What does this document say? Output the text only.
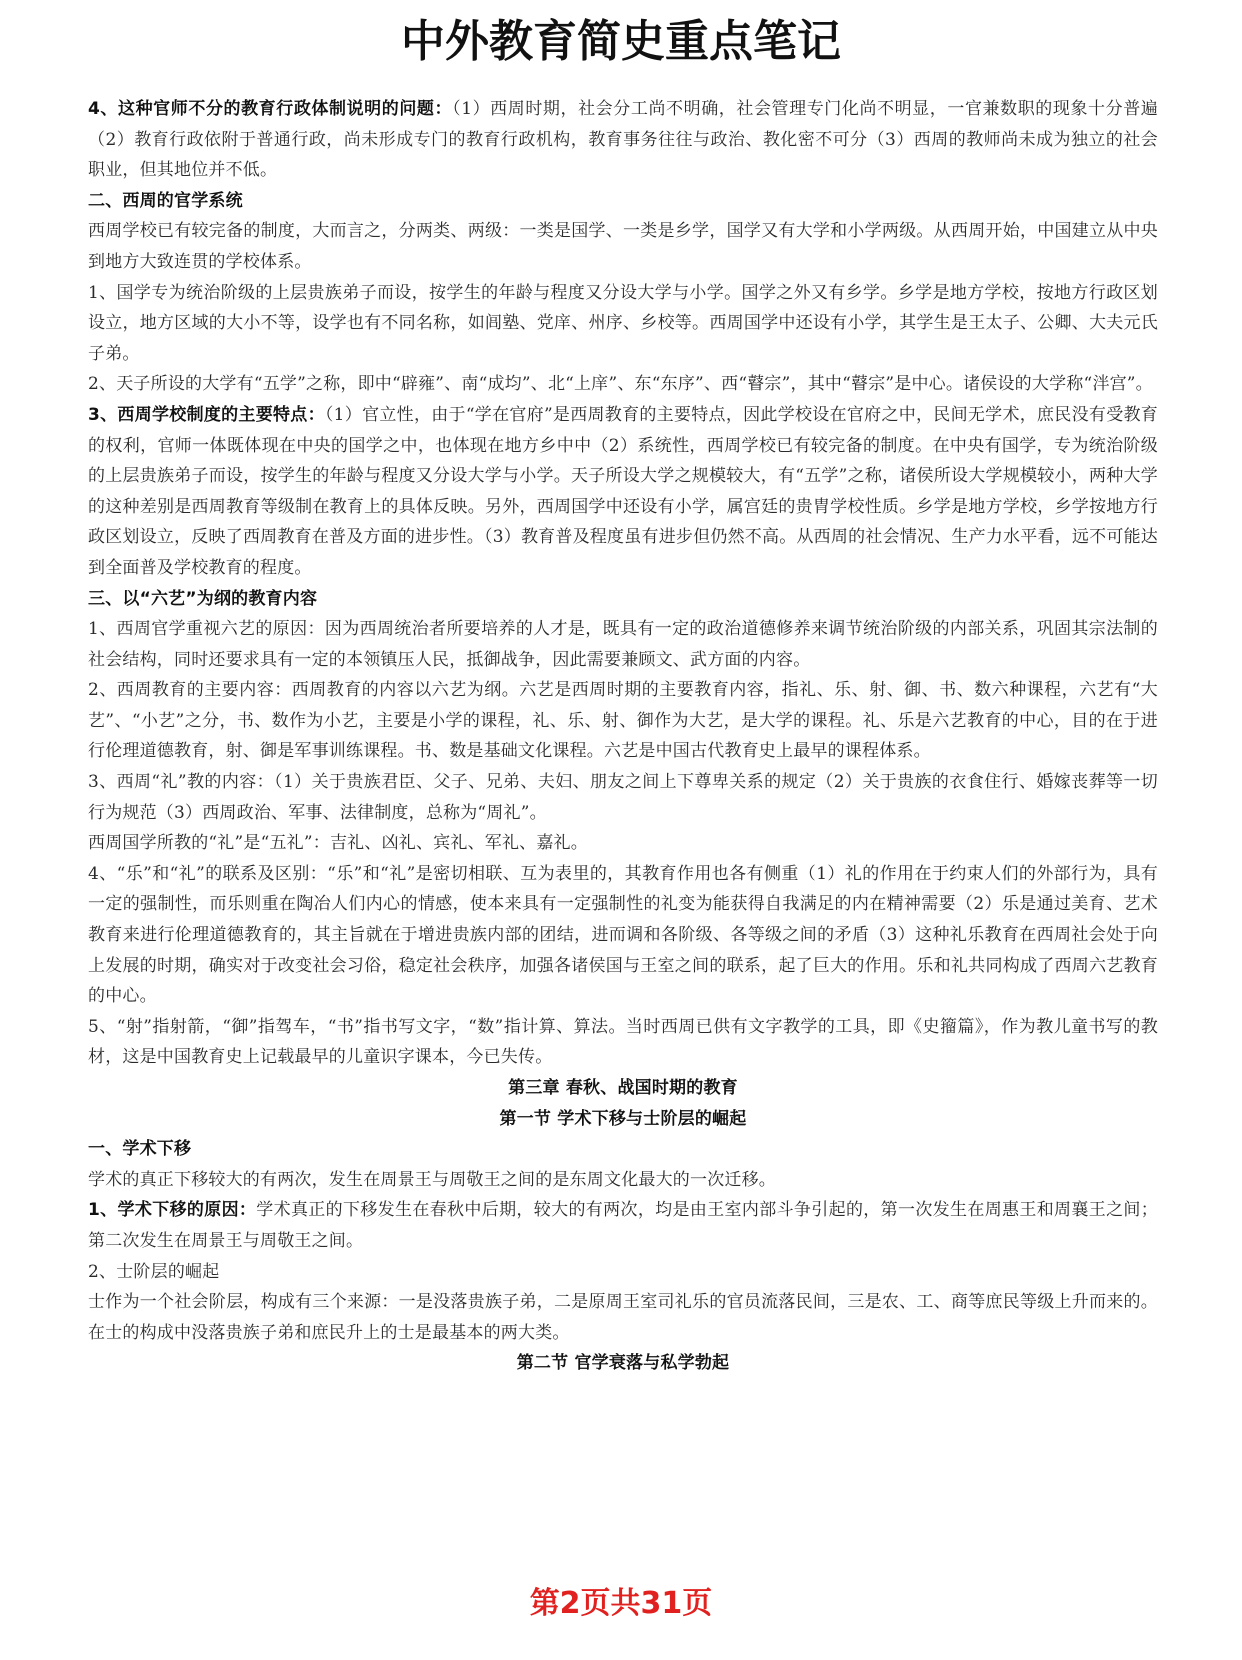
中外教育简史重点笔记

4、这种官师不分的教育行政体制说明的问题：（1）西周时期，社会分工尚不明确，社会管理专门化尚不明显，一官兼数职的现象十分普遍（2）教育行政依附于普通行政，尚未形成专门的教育行政机构，教育事务往往与政治、教化密不可分（3）西周的教师尚未成为独立的社会职业，但其地位并不低。

二、西周的官学系统

西周学校已有较完备的制度，大而言之，分两类、两级：一类是国学、一类是乡学，国学又有大学和小学两级。从西周开始，中国建立从中央到地方大致连贯的学校体系。

1、国学专为统治阶级的上层贵族弟子而设，按学生的年龄与程度又分设大学与小学。国学之外又有乡学。乡学是地方学校，按地方行政区划设立，地方区域的大小不等，设学也有不同名称，如闾塾、党庠、州序、乡校等。西周国学中还设有小学，其学生是王太子、公卿、大夫元氏子弟。

2、天子所设的大学有“五学”之称，即中“辟雍”、南“成均”、北“上庠”、东“东序”、西“瞽宗”，其中“瞽宗”是中心。诸侯设的大学称“泮宫”。

3、西周学校制度的主要特点：（1）官立性，由于“学在官府”是西周教育的主要特点，因此学校设在官府之中，民间无学术，庶民没有受教育的权利，官师一体既体现在中央的国学之中，也体现在地方乡中中（2）系统性，西周学校已有较完备的制度。在中央有国学，专为统治阶级的上层贵族弟子而设，按学生的年龄与程度又分设大学与小学。天子所设大学之规模较大，有“五学”之称，诸侯所设大学规模较小，两种大学的这种差别是西周教育等级制在教育上的具体反映。另外，西周国学中还设有小学，属宫廷的贵胄学校性质。乡学是地方学校，乡学按地方行政区划设立，反映了西周教育在普及方面的进步性。（3）教育普及程度虽有进步但仍然不高。从西周的社会情况、生产力水平看，远不可能达到全面普及学校教育的程度。

三、以“六艺”为纲的教育内容

1、西周官学重视六艺的原因：因为西周统治者所要培养的人才是，既具有一定的政治道德修养来调节统治阶级的内部关系，巩固其宗法制的社会结构，同时还要求具有一定的本领镇压人民，抵御战争，因此需要兼顾文、武方面的内容。

2、西周教育的主要内容：西周教育的内容以六艺为纲。六艺是西周时期的主要教育内容，指礼、乐、射、御、书、数六种课程，六艺有“大艺”、“小艺”之分，书、数作为小艺，主要是小学的课程，礼、乐、射、御作为大艺，是大学的课程。礼、乐是六艺教育的中心，目的在于进行伦理道德教育，射、御是军事训练课程。书、数是基础文化课程。六艺是中国古代教育史上最早的课程体系。

3、西周“礼”教的内容：（1）关于贵族君臣、父子、兄弟、夫妇、朋友之间上下尊卑关系的规定（2）关于贵族的衣食住行、婚嫁丧葬等一切行为规范（3）西周政治、军事、法律制度，总称为“周礼”。

西周国学所教的“礼”是“五礼”：吉礼、凶礼、宾礼、军礼、嘉礼。

4、“乐”和“礼”的联系及区别：“乐”和“礼”是密切相联、互为表里的，其教育作用也各有侧重（1）礼的作用在于约束人们的外部行为，具有一定的强制性，而乐则重在陶冶人们内心的情感，使本来具有一定强制性的礼变为能获得自我满足的内在精神需要（2）乐是通过美育、艺术教育来进行伦理道德教育的，其主旨就在于增进贵族内部的团结，进而调和各阶级、各等级之间的矛盾（3）这种礼乐教育在西周社会处于向上发展的时期，确实对于改变社会习俗，稳定社会秩序，加强各诸侯国与王室之间的联系，起了巨大的作用。乐和礼共同构成了西周六艺教育的中心。

5、“射”指射箭，“御”指驾车，“书”指书写文字，“数”指计算、算法。当时西周已供有文字教学的工具，即《史籀篇》，作为教儿童书写的教材，这是中国教育史上记载最早的儿童识字课本，今已失传。

第三章 春秋、战国时期的教育

第一节 学术下移与士阶层的崛起

一、学术下移

学术的真正下移较大的有两次，发生在周景王与周敬王之间的是东周文化最大的一次迁移。

1、学术下移的原因：学术真正的下移发生在春秋中后期，较大的有两次，均是由王室内部斗争引起的，第一次发生在周惠王和周襄王之间；第二次发生在周景王与周敬王之间。

2、士阶层的崛起

士作为一个社会阶层，构成有三个来源：一是没落贵族子弟，二是原周王室司礼乐的官员流落民间，三是农、工、商等庶民等级上升而来的。在士的构成中没落贵族子弟和庶民升上的士是最基本的两大类。

第二节 官学衰落与私学勃起

第2页共31页
